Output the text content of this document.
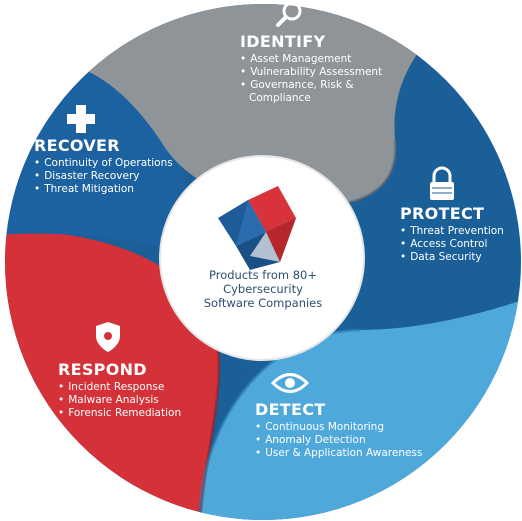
IDENTIFY
• Asset Management
• Vulnerability Assessment
• Governance, Risk &
Compliance
RECOVER
• Continuity of Operations
• Disaster Recovery
• Threat Mitigation
PROTECT
• Threat Prevention
• Access Control
• Data Security
RESPOND
• Incident Response
• Malware Analysis
• Forensic Remediation	DETECT
• Continuous Monitoring
• Anomaly Detection
• User & Application Awareness
Products from 80+
Cybersecurity
Software Companies
